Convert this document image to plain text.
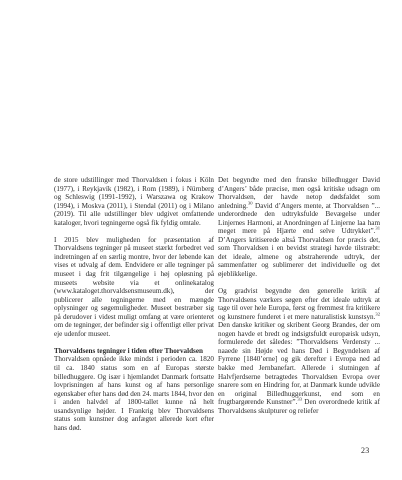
de store udstillinger med Thorvaldsen i fokus i Köln (1977), i Reykjavík (1982), i Rom (1989), i Nürnberg og Schleswig (1991-1992), i Warszawa og Krakow (1994), i Moskva (2011), i Stendal (2011) og i Milano (2019). Til alle udstillinger blev udgivet omfattende kataloger, hvori tegningerne også fik fyldig omtale.

I 2015 blev muligheden for præsentation af Thorvaldsens tegninger på museet stærkt forbedret ved indretningen af en særlig montre, hvor der løbende kan vises et udvalg af dem. Endvidere er alle tegninger på museet i dag frit tilgængelige i høj opløsning på museets website via et onlinekatalog (www.kataloget.thorvaldsensmuseum.dk), der publicerer alle tegningerne med en mængde oplysninger og søgemuligheder. Museet bestræber sig på derudover i videst muligt omfang at være orienteret om de tegninger, der befinder sig i offentligt eller privat eje udenfor museet.

Thorvaldsens tegninger i tiden efter Thorvaldsen

Thorvaldsen opnåede ikke mindst i perioden ca. 1820 til ca. 1840 status som en af Europas største billedhuggere. Og især i hjemlandet Danmark fortsatte lovprisningen af hans kunst og af hans personlige egenskaber efter hans død den 24. marts 1844, hvor den i anden halvdel af 1800-tallet kunne nå helt usandsynlige højder. I Frankrig blev Thorvaldsens status som kunstner dog anfægtet allerede kort efter hans død.

Det begyndte med den franske billedhugger David d’Angers’ både præcise, men også kritiske udsagn om Thorvaldsen, der havde netop dødsfaldet som anledning.$^{30}$ David d’Angers mente, at Thorvaldsen ”... underordnede den udtryksfulde Bevægelse under Linjernes Harmoni, at Anordningen af Linjerne laa ham meget mere på Hjærte end selve Udtrykket”.$^{31}$ D’Angers kritiserede altså Thorvaldsen for præcis det, som Thorvaldsen i en bevidst strategi havde tilstræbt: det ideale, almene og abstraherende udtryk, der sammenfatter og sublimerer det individuelle og det øjeblikkelige.

Og gradvist begyndte den generelle kritik af Thorvaldsens værkers søgen efter det ideale udtryk at tage til over hele Europa, først og fremmest fra kritikere og kunstnere funderet i et mere naturalistisk kunstsyn.$^{32}$ Den danske kritiker og skribent Georg Brandes, der om nogen havde et bredt og indsigtsfuldt europæisk udsyn, formulerede det således: ”Thorvaldsens Verdensty ... naaede sin Højde ved hans Død i Begyndelsen af Fyrrene [1840’erne] og gik derefter i Evropa ned ad bakke med Jernbanefart. Allerede i slutningen af Halvfjerdserne betragtedes Thorvaldsen Evropa over snarere som en Hindring for, at Danmark kunde udvikle en original Billedhuggerkunst, end som en frugtbargørende Kunstner”.$^{33}$ Den overordnede kritik af Thorvaldsens skulpturer og reliefer

23
